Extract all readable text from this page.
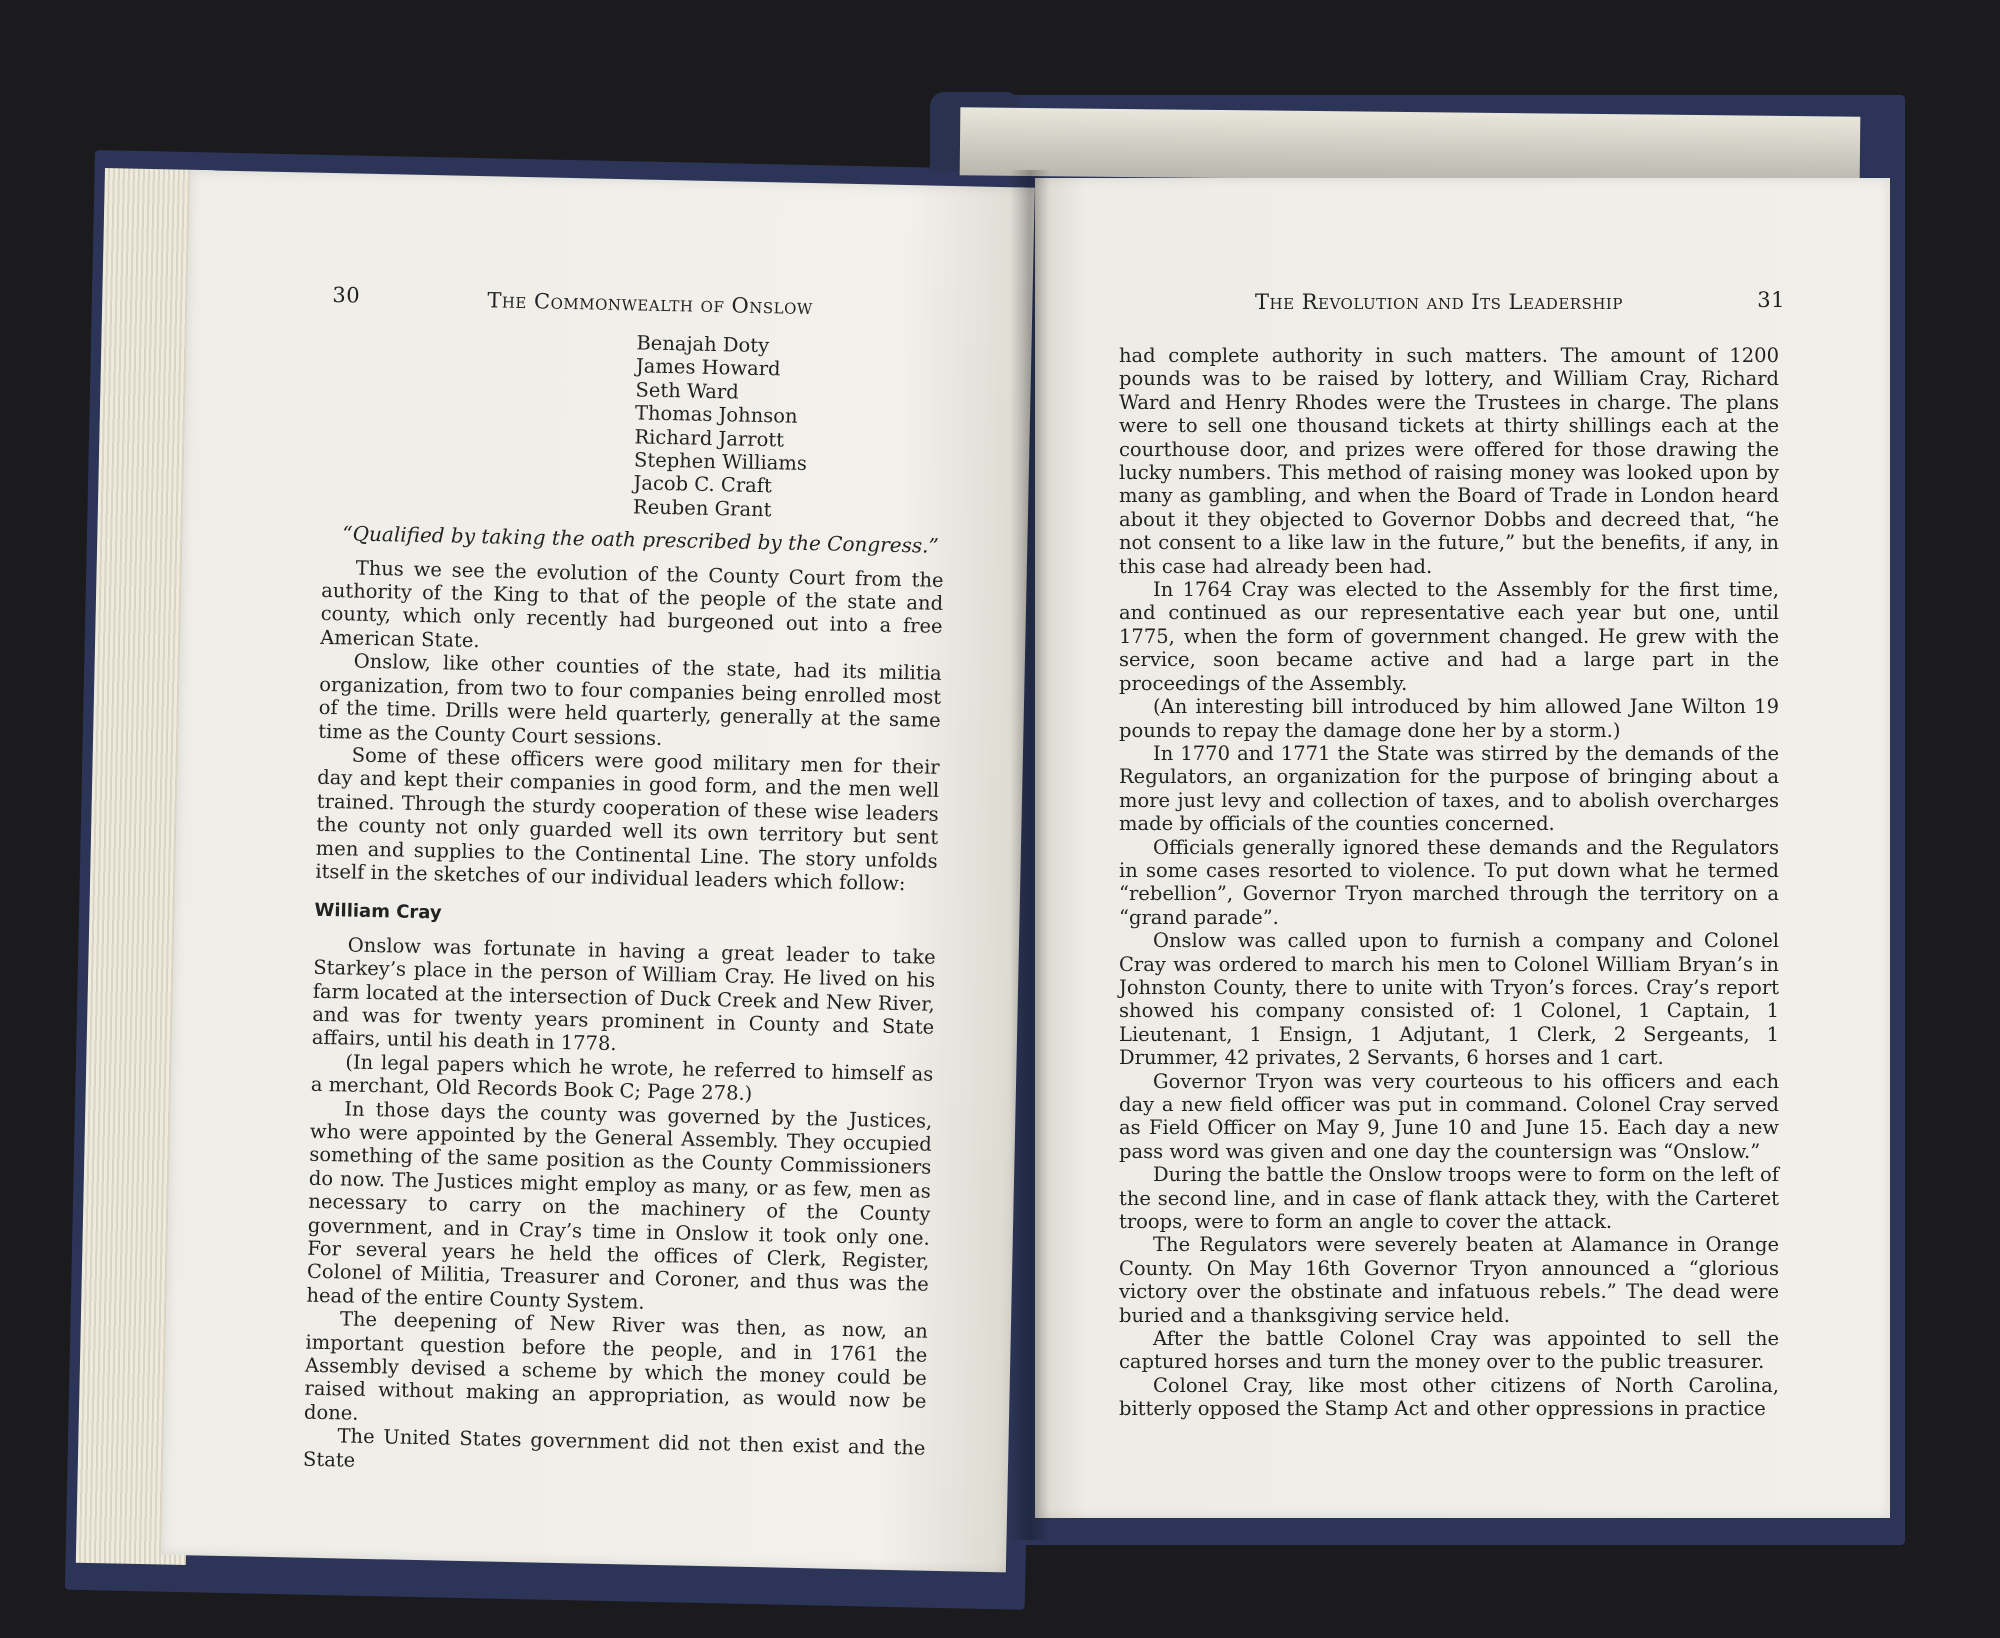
30	The Commonwealth of Onslow
Benajah Doty
James Howard
Seth Ward
Thomas Johnson
Richard Jarrott
Stephen Williams
Jacob C. Craft
Reuben Grant
“Qualified by taking the oath prescribed by the Congress.”

Thus we see the evolution of the County Court from the authority of the King to that of the people of the state and county, which only recently had burgeoned out into a free American State.

Onslow, like other counties of the state, had its militia organization, from two to four companies being enrolled most of the time. Drills were held quarterly, generally at the same time as the County Court sessions.

Some of these officers were good military men for their day and kept their companies in good form, and the men well trained. Through the sturdy cooperation of these wise leaders the county not only guarded well its own territory but sent men and supplies to the Continental Line. The story unfolds itself in the sketches of our individual leaders which follow:

William Cray

Onslow was fortunate in having a great leader to take Starkey’s place in the person of William Cray. He lived on his farm located at the intersection of Duck Creek and New River, and was for twenty years prominent in County and State affairs, until his death in 1778.

(In legal papers which he wrote, he referred to himself as a merchant, Old Records Book C; Page 278.)

In those days the county was governed by the Justices, who were appointed by the General Assembly. They occupied something of the same position as the County Commissioners do now. The Justices might employ as many, or as few, men as necessary to carry on the machinery of the County government, and in Cray’s time in Onslow it took only one. For several years he held the offices of Clerk, Register, Colonel of Militia, Treasurer and Coroner, and thus was the head of the entire County System.

The deepening of New River was then, as now, an important question before the people, and in 1761 the Assembly devised a scheme by which the money could be raised without making an appropriation, as would now be done.

The United States government did not then exist and the State

The Revolution and Its Leadership	31

had complete authority in such matters. The amount of 1200 pounds was to be raised by lottery, and William Cray, Richard Ward and Henry Rhodes were the Trustees in charge. The plans were to sell one thousand tickets at thirty shillings each at the courthouse door, and prizes were offered for those drawing the lucky numbers. This method of raising money was looked upon by many as gambling, and when the Board of Trade in London heard about it they objected to Governor Dobbs and decreed that, “he not consent to a like law in the future,” but the benefits, if any, in this case had already been had.

In 1764 Cray was elected to the Assembly for the first time, and continued as our representative each year but one, until 1775, when the form of government changed. He grew with the service, soon became active and had a large part in the proceedings of the Assembly.

(An interesting bill introduced by him allowed Jane Wilton 19 pounds to repay the damage done her by a storm.)

In 1770 and 1771 the State was stirred by the demands of the Regulators, an organization for the purpose of bringing about a more just levy and collection of taxes, and to abolish overcharges made by officials of the counties concerned.

Officials generally ignored these demands and the Regulators in some cases resorted to violence. To put down what he termed “rebellion”, Governor Tryon marched through the territory on a “grand parade”.

Onslow was called upon to furnish a company and Colonel Cray was ordered to march his men to Colonel William Bryan’s in Johnston County, there to unite with Tryon’s forces. Cray’s report showed his company consisted of: 1 Colonel, 1 Captain, 1 Lieutenant, 1 Ensign, 1 Adjutant, 1 Clerk, 2 Sergeants, 1 Drummer, 42 privates, 2 Servants, 6 horses and 1 cart.

Governor Tryon was very courteous to his officers and each day a new field officer was put in command. Colonel Cray served as Field Officer on May 9, June 10 and June 15. Each day a new pass word was given and one day the countersign was “Onslow.”

During the battle the Onslow troops were to form on the left of the second line, and in case of flank attack they, with the Carteret troops, were to form an angle to cover the attack.

The Regulators were severely beaten at Alamance in Orange County. On May 16th Governor Tryon announced a “glorious victory over the obstinate and infatuous rebels.” The dead were buried and a thanksgiving service held.

After the battle Colonel Cray was appointed to sell the captured horses and turn the money over to the public treasurer.

Colonel Cray, like most other citizens of North Carolina, bitterly opposed the Stamp Act and other oppressions in practice
